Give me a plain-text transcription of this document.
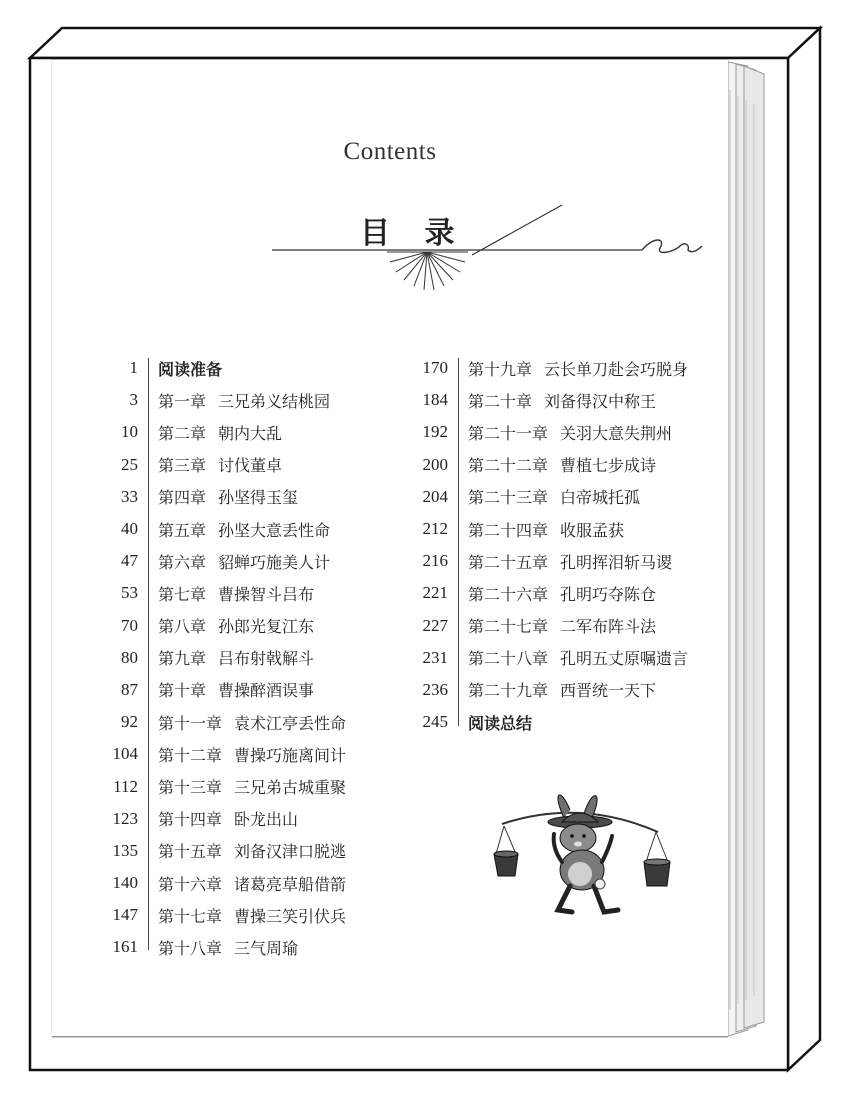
Contents
目 录
1	阅读准备
3	第一章 三兄弟义结桃园
10	第二章 朝内大乱
25	第三章 讨伐董卓
33	第四章 孙坚得玉玺
40	第五章 孙坚大意丢性命
47	第六章 貂蝉巧施美人计
53	第七章 曹操智斗吕布
70	第八章 孙郎光复江东
80	第九章 吕布射戟解斗
87	第十章 曹操醉酒误事
92	第十一章 袁术江亭丢性命
104	第十二章 曹操巧施离间计
112	第十三章 三兄弟古城重聚
123	第十四章 卧龙出山
135	第十五章 刘备汉津口脱逃
140	第十六章 诸葛亮草船借箭
147	第十七章 曹操三笑引伏兵
161	第十八章 三气周瑜
170	第十九章 云长单刀赴会巧脱身
184	第二十章 刘备得汉中称王
192	第二十一章 关羽大意失荆州
200	第二十二章 曹植七步成诗
204	第二十三章 白帝城托孤
212	第二十四章 收服孟获
216	第二十五章 孔明挥泪斩马谡
221	第二十六章 孔明巧夺陈仓
227	第二十七章 二军布阵斗法
231	第二十八章 孔明五丈原嘱遗言
236	第二十九章 西晋统一天下
245	阅读总结
